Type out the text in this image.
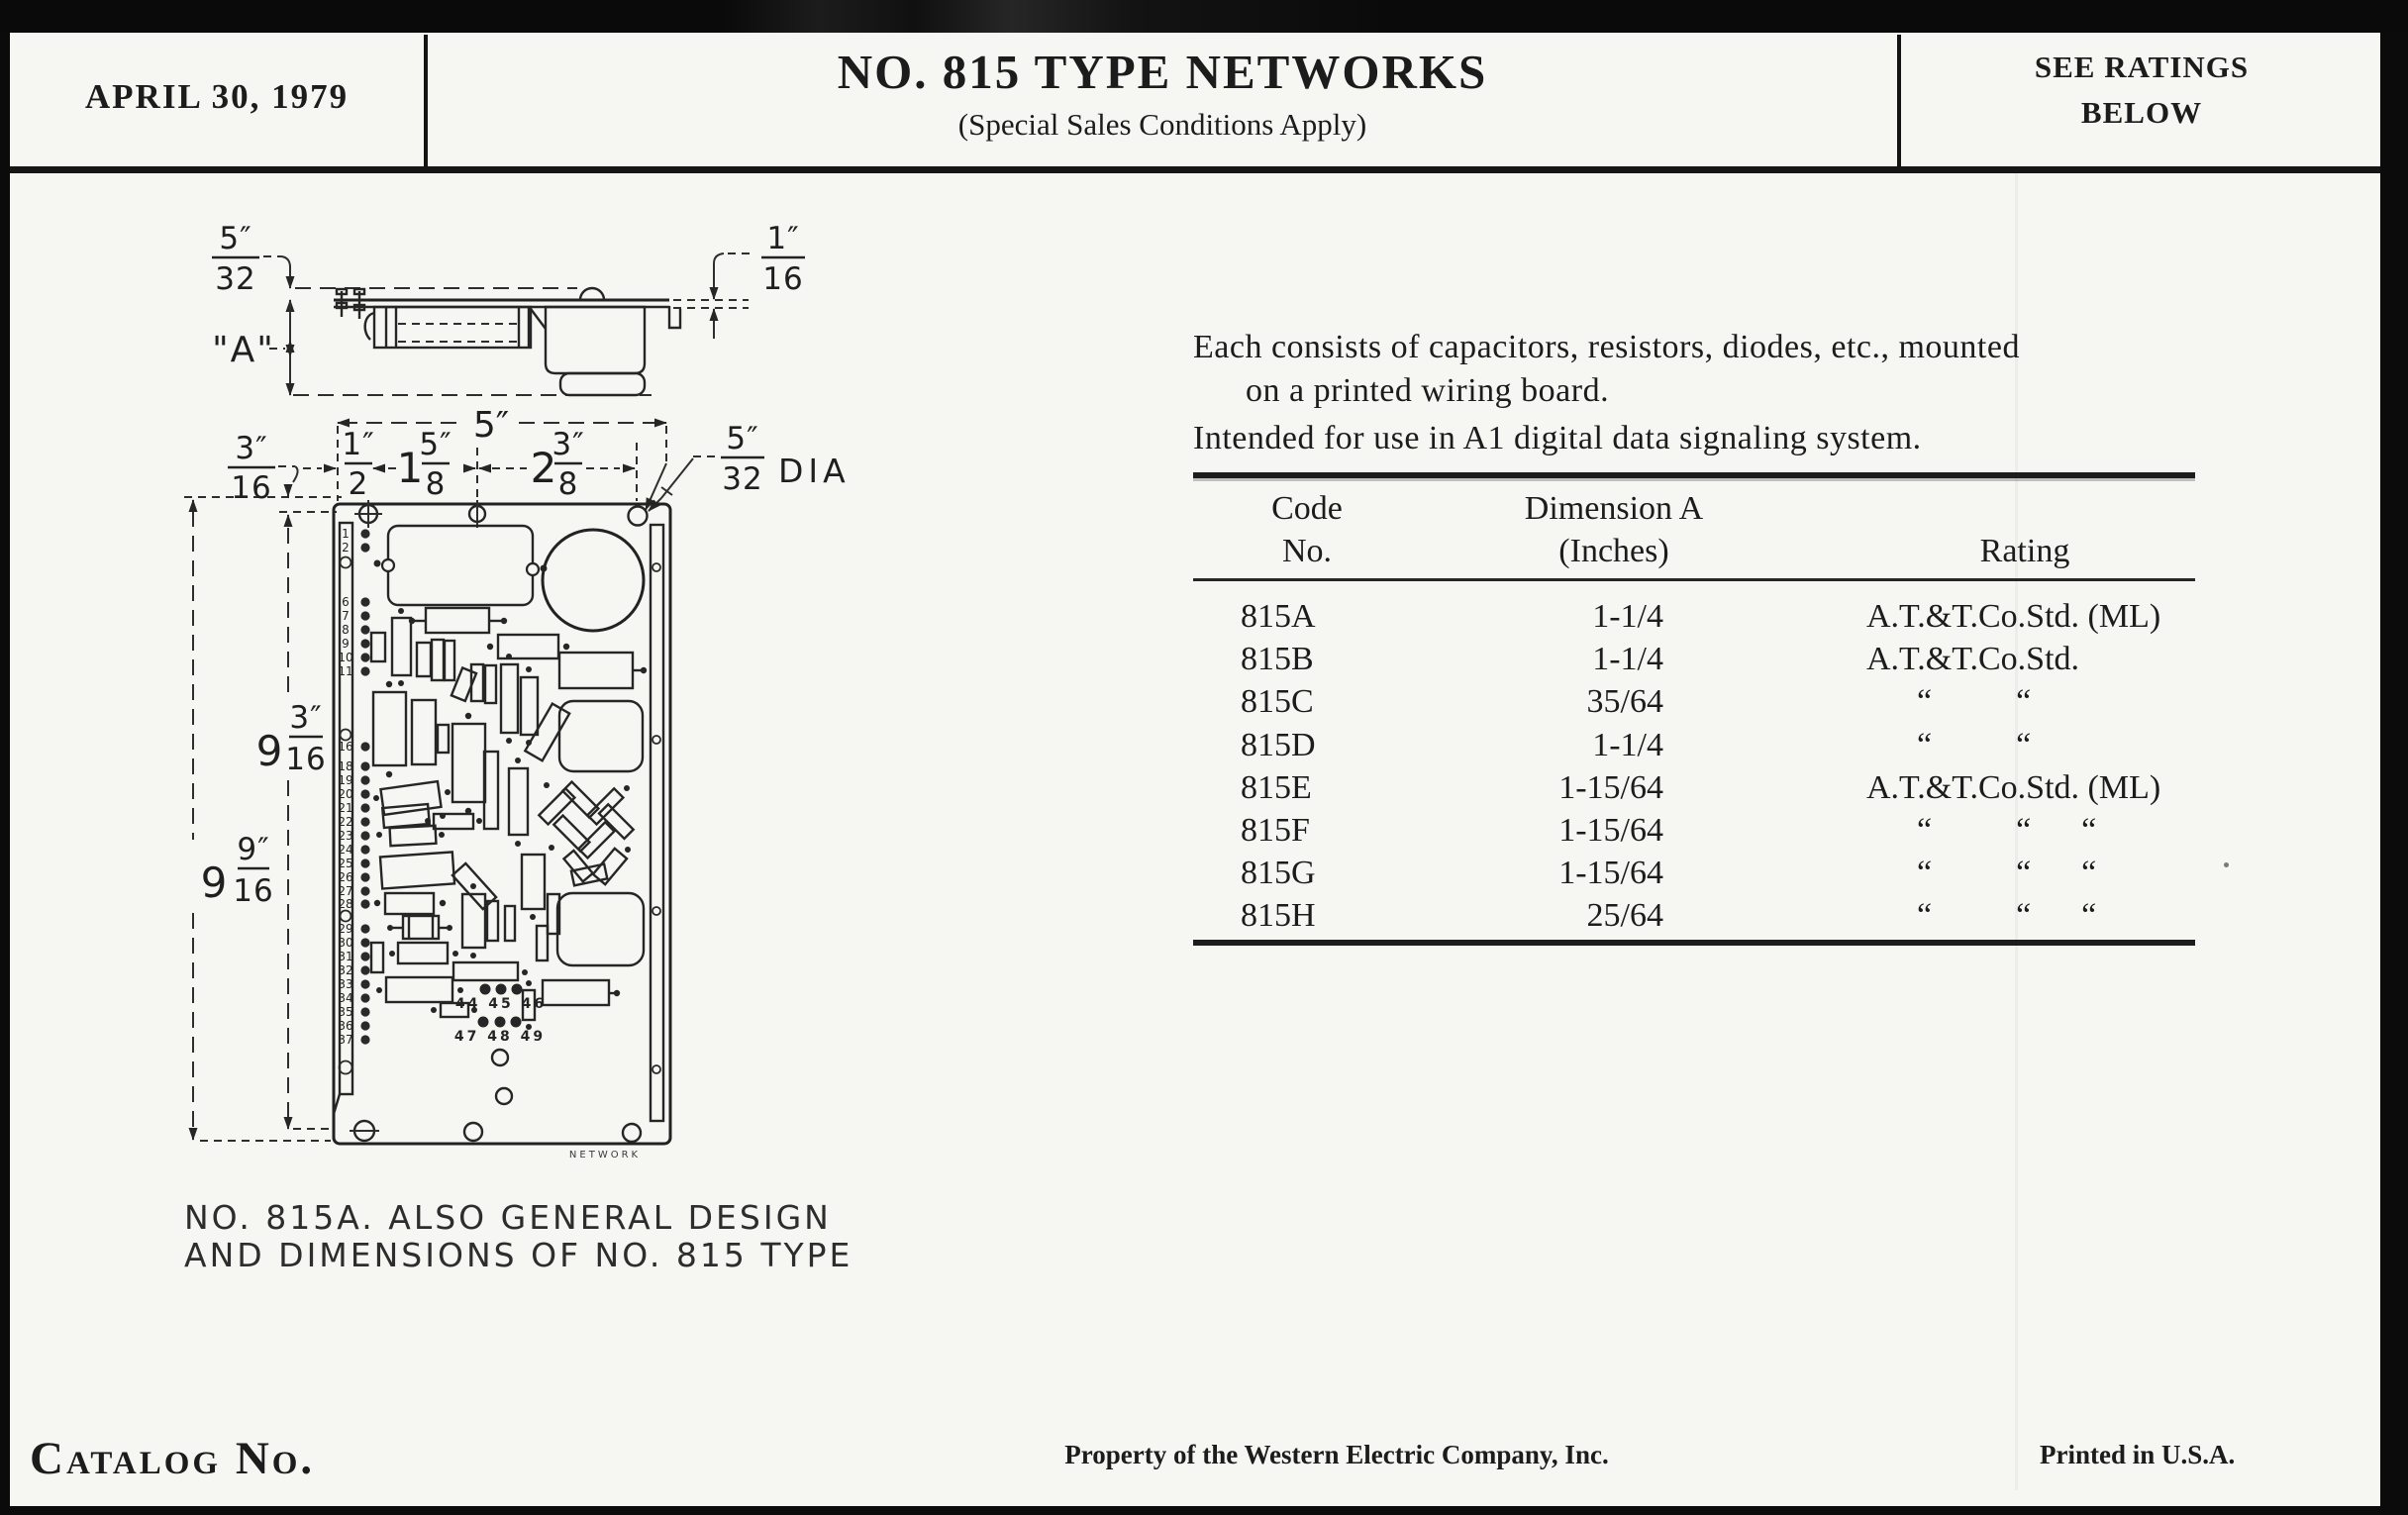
APRIL 30, 1979	NO. 815 TYPE NETWORKS
(Special Sales Conditions Apply)
SEE RATINGS
BELOW
Each consists of capacitors, resistors, diodes, etc., mounted
on a printed wiring board.
Intended for use in A1 digital data signaling system.
Code
No.
Dimension A
(Inches)	Rating
815A	1-1/4	A.T.&T.Co.Std. (ML)
815B	1-1/4	A.T.&T.Co.Std.
815C	35/64	  “   “
815D	1-1/4	  “   “
815E	1-15/64	A.T.&T.Co.Std. (ML)
815F	1-15/64	  “   “  “
815G	1-15/64	  “   “  “
815H	25/64	  “   “  “
5″
32
"A"
1″
16
5″
1″
2 1
5″
8 2
3″
8
5″
32 DIA
3″
16
9
3″
16
9
9″
16
44 45 46
47 48 49
1
2
6
7
8
9
10
11
16
18
19
20
21
22
23
24
25
26
27
28
29
30
31
32
33
34
35
36
37
NETWORK
NO. 815A. ALSO GENERAL DESIGN
AND DIMENSIONS OF NO. 815 TYPE
Catalog No.	Property of the Western Electric Company, Inc.	Printed in U.S.A.
